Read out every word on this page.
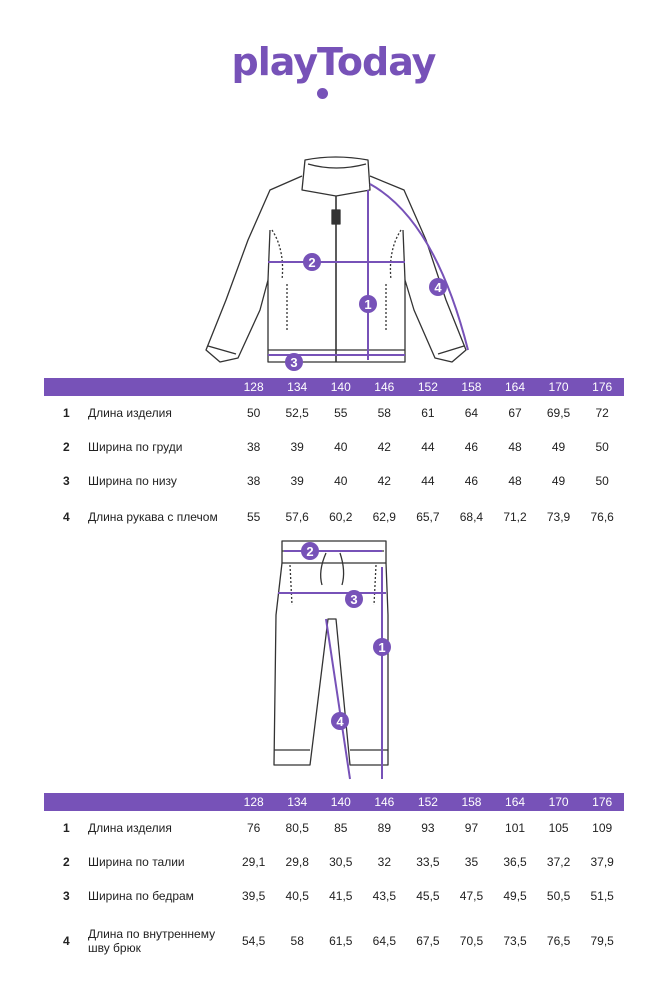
playToday
2
1
3
4
		128	134	140	146	152	158	164	170	176
1	Длина изделия	50	52,5	55	58	61	64	67	69,5	72
2	Ширина по груди	38	39	40	42	44	46	48	49	50
3	Ширина по низу	38	39	40	42	44	46	48	49	50
4	Длина рукава с плечом	55	57,6	60,2	62,9	65,7	68,4	71,2	73,9	76,6
2
3
1
4
		128	134	140	146	152	158	164	170	176
1	Длина изделия	76	80,5	85	89	93	97	101	105	109
2	Ширина по талии	29,1	29,8	30,5	32	33,5	35	36,5	37,2	37,9
3	Ширина по бедрам	39,5	40,5	41,5	43,5	45,5	47,5	49,5	50,5	51,5
4	Длина по внутреннему шву брюк	54,5	58	61,5	64,5	67,5	70,5	73,5	76,5	79,5
